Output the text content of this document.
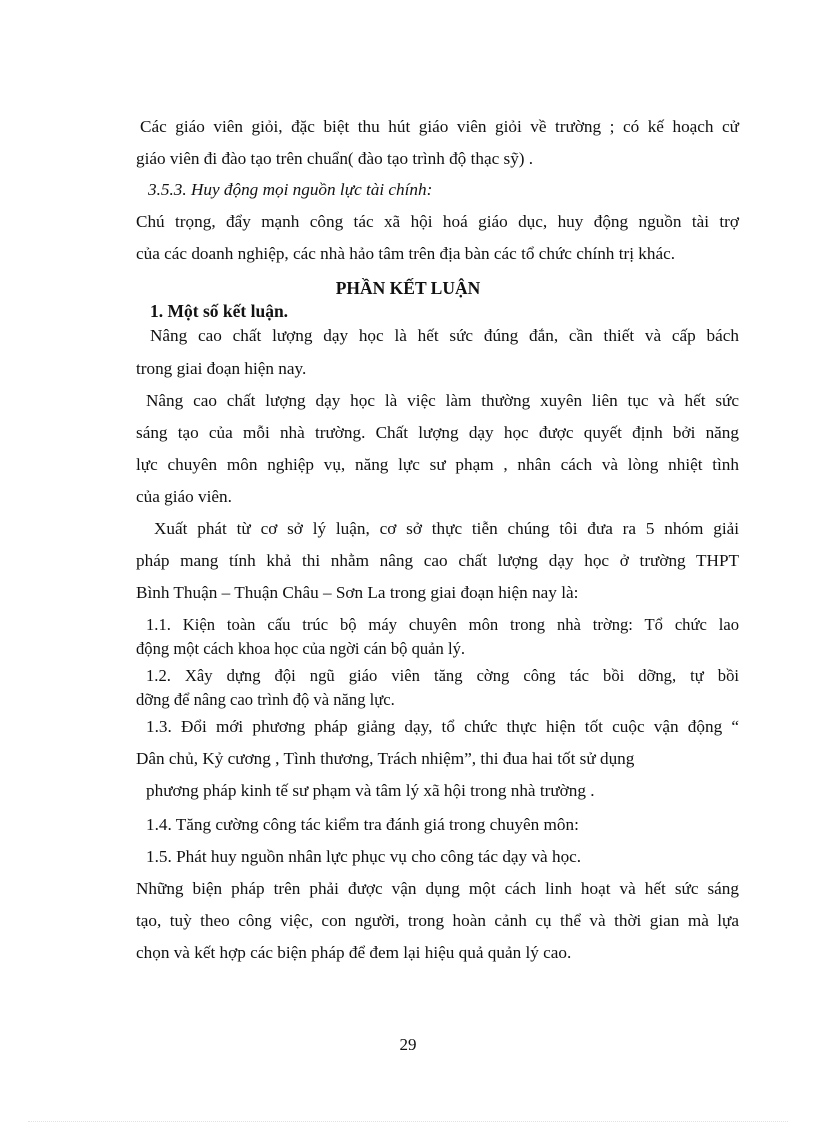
Các giáo viên giỏi, đặc biệt thu hút giáo viên giỏi về trường ; có kế hoạch cử
giáo viên đi đào tạo trên chuẩn( đào tạo trình độ thạc sỹ) .
3.5.3. Huy động mọi nguồn lực tài chính:
Chú trọng, đẩy mạnh công tác xã hội hoá giáo dục, huy động nguồn tài trợ
của các doanh nghiệp, các nhà hảo tâm trên địa bàn các tổ chức chính trị khác.
PHẦN KẾT LUẬN
1. Một số kết luận.
Nâng cao chất lượng dạy học là hết sức đúng đắn, cần thiết và cấp bách
trong giai đoạn hiện nay.
Nâng cao chất lượng dạy học là việc làm thường xuyên liên tục và hết sức
sáng tạo của mỗi nhà trường. Chất lượng dạy học được quyết định bởi năng
lực chuyên môn nghiệp vụ, năng lực sư phạm , nhân cách và lòng nhiệt tình
của giáo viên.
Xuất phát từ cơ sở lý luận, cơ sở thực tiễn chúng tôi đưa ra 5 nhóm giải
pháp mang tính khả thi nhằm nâng cao chất lượng dạy học ở trường THPT
Bình Thuận – Thuận Châu – Sơn La trong giai đoạn hiện nay là:
1.1. Kiện toàn cấu trúc bộ máy chuyên môn trong nhà trờng: Tổ chức lao
động một cách khoa học của ngời cán bộ quản lý.
1.2. Xây dựng đội ngũ giáo viên tăng cờng công tác bồi dỡng, tự bồi
dỡng để nâng cao trình độ và năng lực.
1.3. Đổi mới phương pháp giảng dạy, tổ chức thực hiện tốt cuộc vận động “
Dân chủ, Kỷ cương , Tình thương, Trách nhiệm”, thi đua hai tốt sử dụng
phương pháp kinh tế sư phạm và tâm lý xã hội trong nhà trường .
1.4. Tăng cường công tác kiểm tra đánh giá trong chuyên môn:
1.5. Phát huy nguồn nhân lực phục vụ cho công tác dạy và học.
Những biện pháp trên phải được vận dụng một cách linh hoạt và hết sức sáng
tạo, tuỳ theo công việc, con người, trong hoàn cảnh cụ thể và thời gian mà lựa
chọn và kết hợp các biện pháp để đem lại hiệu quả quản lý cao.
29
